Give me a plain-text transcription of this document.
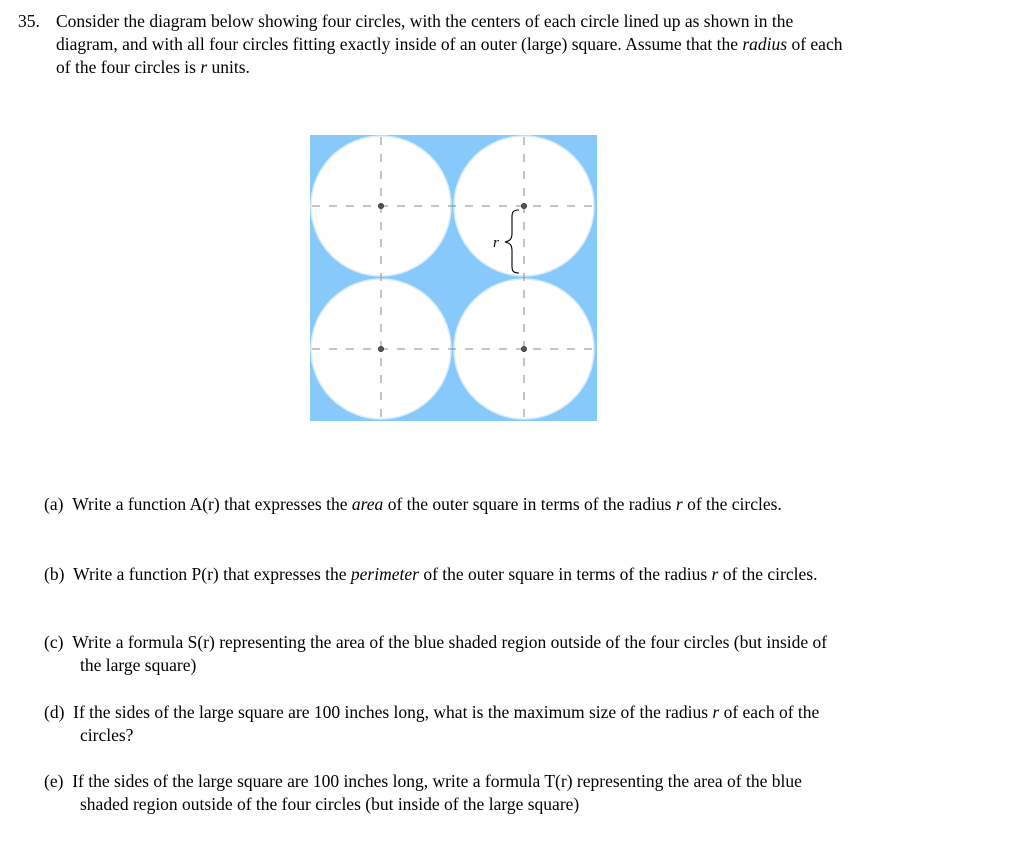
35. Consider the diagram below showing four circles, with the centers of each circle lined up as shown in the
diagram, and with all four circles fitting exactly inside of an outer (large) square. Assume that the radius of each
of the four circles is r units.
r
(a) Write a function A(r) that expresses the area of the outer square in terms of the radius r of the circles.
(b) Write a function P(r) that expresses the perimeter of the outer square in terms of the radius r of the circles.
(c) Write a formula S(r) representing the area of the blue shaded region outside of the four circles (but inside of
the large square)
(d) If the sides of the large square are 100 inches long, what is the maximum size of the radius r of each of the
circles?
(e) If the sides of the large square are 100 inches long, write a formula T(r) representing the area of the blue
shaded region outside of the four circles (but inside of the large square)
